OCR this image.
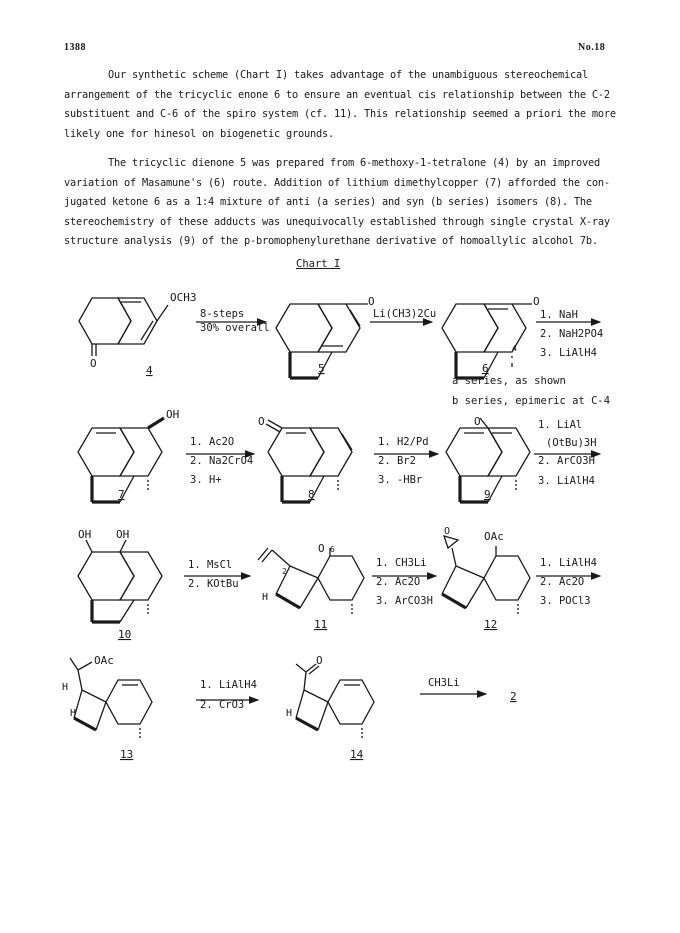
1388	No.18
Our synthetic scheme (Chart I) takes advantage of the unambiguous stereochemical
arrangement of the tricyclic enone 6 to ensure an eventual cis relationship between the C-2
substituent and C-6 of the spiro system (cf. 11). This relationship seemed a priori the more
likely one for hinesol on biogenetic grounds.
The tricyclic dienone 5 was prepared from 6-methoxy-1-tetralone (4) by an improved
variation of Masamune's (6) route. Addition of lithium dimethylcopper (7) afforded the con-
jugated ketone 6 as a 1:4 mixture of anti (a series) and syn (b series) isomers (8). The
stereochemistry of these adducts was unequivocally established through single crystal X-ray
structure analysis (9) of the p-bromophenylurethane derivative of homoallylic alcohol 7b.
Chart I
OCH3
O
4
8-steps
30% overall
O
5
Li(CH3)2Cu
O
4
6
a series, as shown
b series, epimeric at C-4
1. NaH
2. NaH2PO4
3. LiAlH4
OH
7
1. Ac2O
2. Na2CrO4
3. H+
O
8
1. H2/Pd
2. Br2
3. -HBr
O
9
1. LiAl
(OtBu)3H
2. ArCO3H
3. LiAlH4
OH OH
10
1. MsCl
2. KOtBu
O 6
2
H
11
1. CH3Li
2. Ac2O
3. ArCO3H
O	OAc
12
1. LiAlH4
2. Ac2O
3. POCl3
OAc
H
H
13
1. LiAlH4
2. CrO3
O
H
14
CH3Li
2
